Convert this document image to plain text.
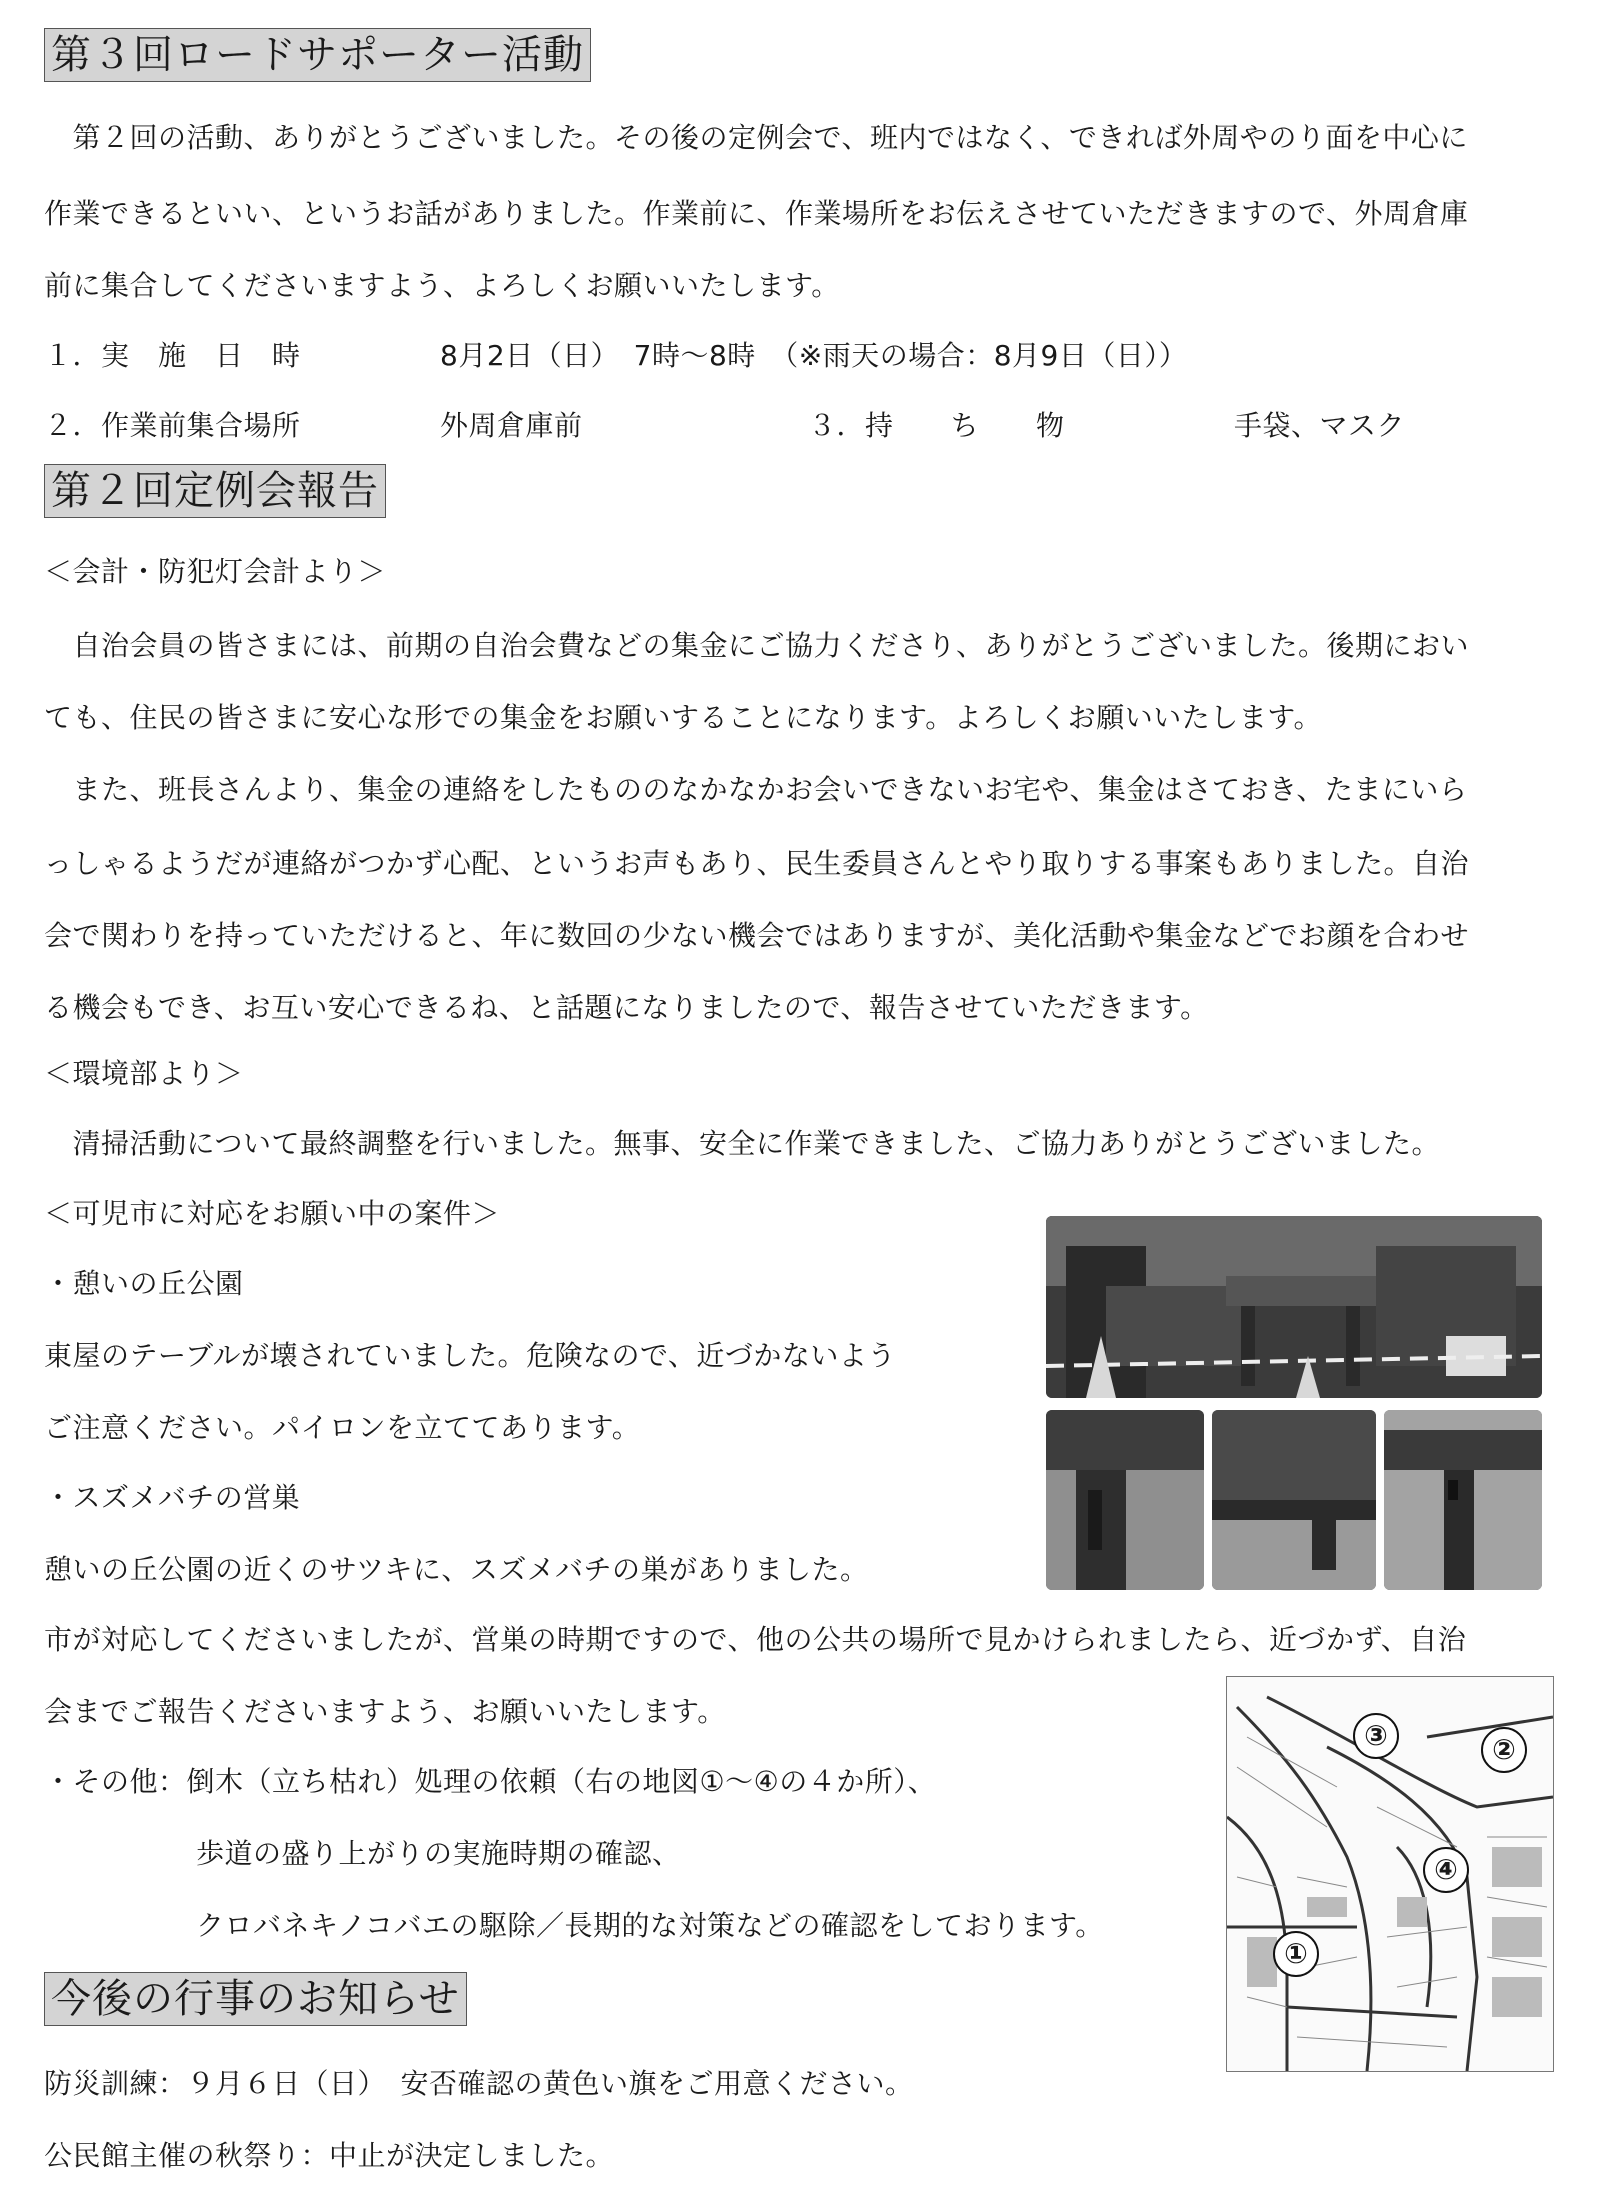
第３回ロードサポーター活動
　第２回の活動、ありがとうございました。その後の定例会で、班内ではなく、できれば外周やのり面を中心に
作業できるといい、というお話がありました。作業前に、作業場所をお伝えさせていただきますので、外周倉庫
前に集合してくださいますよう、よろしくお願いいたします。
１．実　施　日　時	8月2日（日）　7時～8時　（※雨天の場合：8月9日（日））
２．作業前集合場所	外周倉庫前	３．持　　ち　　物	手袋、マスク
第２回定例会報告
＜会計・防犯灯会計より＞
　自治会員の皆さまには、前期の自治会費などの集金にご協力くださり、ありがとうございました。後期におい
ても、住民の皆さまに安心な形での集金をお願いすることになります。よろしくお願いいたします。
　また、班長さんより、集金の連絡をしたもののなかなかお会いできないお宅や、集金はさておき、たまにいら
っしゃるようだが連絡がつかず心配、というお声もあり、民生委員さんとやり取りする事案もありました。自治
会で関わりを持っていただけると、年に数回の少ない機会ではありますが、美化活動や集金などでお顔を合わせ
る機会もでき、お互い安心できるね、と話題になりましたので、報告させていただきます。
＜環境部より＞
　清掃活動について最終調整を行いました。無事、安全に作業できました、ご協力ありがとうございました。
＜可児市に対応をお願い中の案件＞
・憩いの丘公園
東屋のテーブルが壊されていました。危険なので、近づかないよう
ご注意ください。パイロンを立ててあります。
・スズメバチの営巣
憩いの丘公園の近くのサツキに、スズメバチの巣がありました。
市が対応してくださいましたが、営巣の時期ですので、他の公共の場所で見かけられましたら、近づかず、自治
会までご報告くださいますよう、お願いいたします。
・その他：倒木（立ち枯れ）処理の依頼（右の地図①～④の４か所）、
歩道の盛り上がりの実施時期の確認、
クロバネキノコバエの駆除／長期的な対策などの確認をしております。
①
②
③
④
今後の行事のお知らせ
防災訓練：９月６日（日）　安否確認の黄色い旗をご用意ください。
公民館主催の秋祭り：中止が決定しました。
